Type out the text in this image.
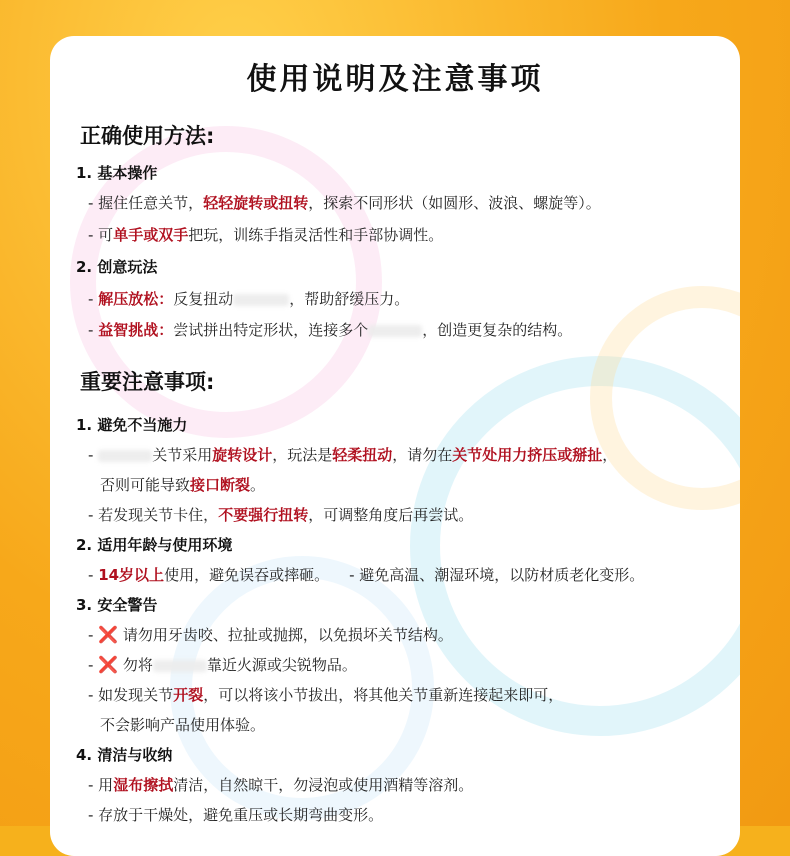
使用说明及注意事项
正确使用方法:
1. 基本操作
- 握住任意关节，轻轻旋转或扭转，探索不同形状（如圆形、波浪、螺旋等）。
- 可单手或双手把玩，训练手指灵活性和手部协调性。
2. 创意玩法
- 解压放松：反复扭动	，帮助舒缓压力。
- 益智挑战：尝试拼出特定形状，连接多个	，创造更复杂的结构。
重要注意事项:
1. 避免不当施力
-	关节采用旋转设计，玩法是轻柔扭动，请勿在关节处用力挤压或掰扯，
否则可能导致接口断裂。
- 若发现关节卡住，不要强行扭转，可调整角度后再尝试。
2. 适用年龄与使用环境
- 14岁以上使用，避免误吞或摔砸。 - 避免高温、潮湿环境，以防材质老化变形。
3. 安全警告
- ❌ 请勿用牙齿咬、拉扯或抛掷，以免损坏关节结构。
- ❌ 勿将	靠近火源或尖锐物品。
- 如发现关节开裂，可以将该小节拔出，将其他关节重新连接起来即可，
不会影响产品使用体验。
4. 清洁与收纳
- 用湿布擦拭清洁，自然晾干，勿浸泡或使用酒精等溶剂。
- 存放于干燥处，避免重压或长期弯曲变形。
